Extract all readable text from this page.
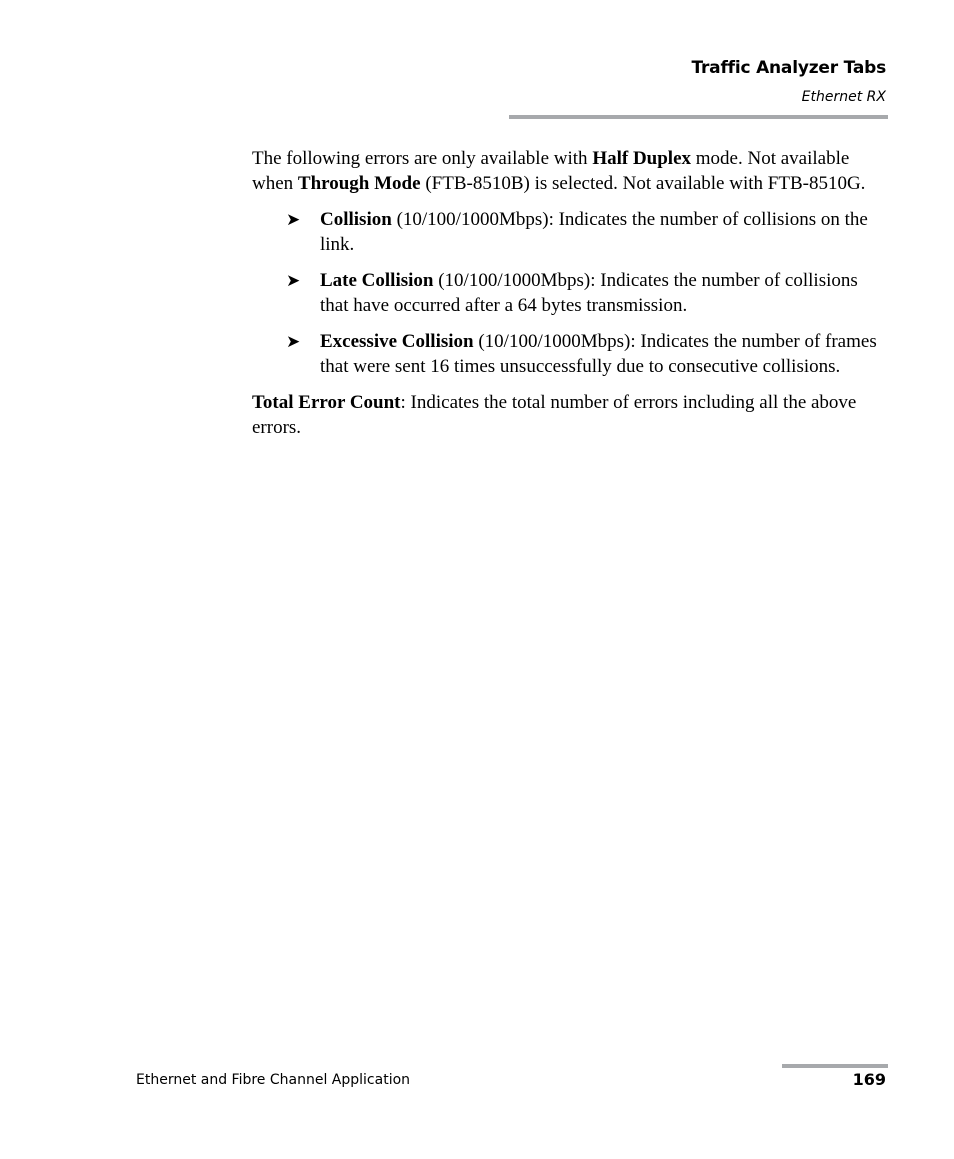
Traffic Analyzer Tabs
Ethernet RX

The following errors are only available with Half Duplex mode. Not available when Through Mode (FTB-8510B) is selected. Not available with FTB-8510G.

➤ Collision (10/100/1000Mbps): Indicates the number of collisions on the link.
➤ Late Collision (10/100/1000Mbps): Indicates the number of collisions that have occurred after a 64 bytes transmission.
➤ Excessive Collision (10/100/1000Mbps): Indicates the number of frames that were sent 16 times unsuccessfully due to consecutive collisions.

Total Error Count: Indicates the total number of errors including all the above errors.

Ethernet and Fibre Channel Application	169
